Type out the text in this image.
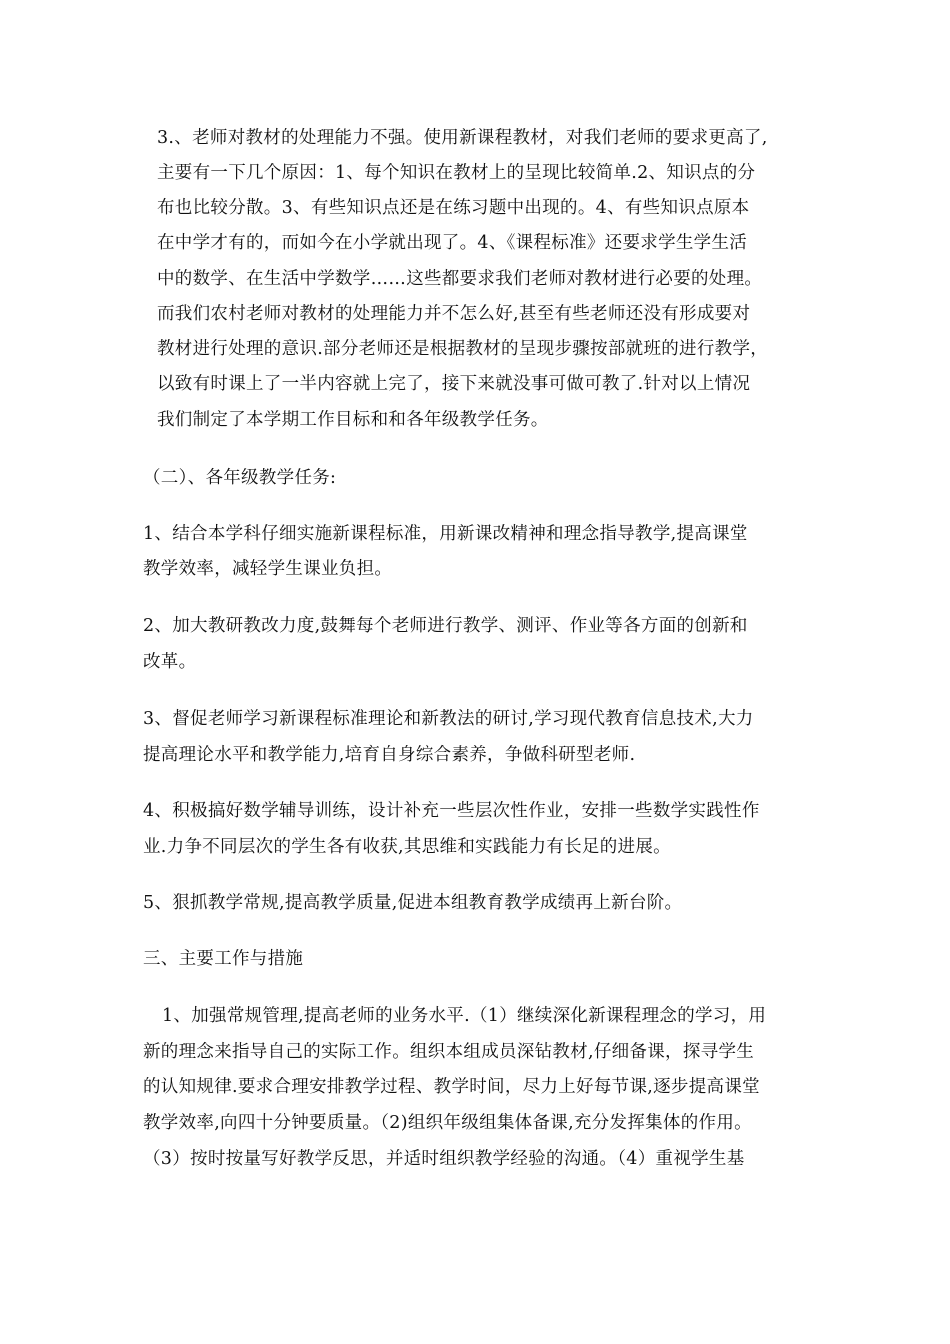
3.、老师对教材的处理能力不强。使用新课程教材，对我们老师的要求更高了,
主要有一下几个原因：1、每个知识在教材上的呈现比较简单.2、知识点的分
布也比较分散。3、有些知识点还是在练习题中出现的。4、有些知识点原本
在中学才有的，而如今在小学就出现了。4、《课程标准》还要求学生学生活
中的数学、在生活中学数学……这些都要求我们老师对教材进行必要的处理。
而我们农村老师对教材的处理能力并不怎么好,甚至有些老师还没有形成要对
教材进行处理的意识.部分老师还是根据教材的呈现步骤按部就班的进行教学，
以致有时课上了一半内容就上完了，接下来就没事可做可教了.针对以上情况
我们制定了本学期工作目标和和各年级教学任务。
（二）、各年级教学任务:
1、结合本学科仔细实施新课程标准，用新课改精神和理念指导教学,提高课堂
教学效率，减轻学生课业负担。
2、加大教研教改力度,鼓舞每个老师进行教学、测评、作业等各方面的创新和
改革。
3、督促老师学习新课程标准理论和新教法的研讨,学习现代教育信息技术,大力
提高理论水平和教学能力,培育自身综合素养，争做科研型老师.
4、积极搞好数学辅导训练，设计补充一些层次性作业，安排一些数学实践性作
业.力争不同层次的学生各有收获,其思维和实践能力有长足的进展。
5、狠抓教学常规,提高教学质量,促进本组教育教学成绩再上新台阶。
三、主要工作与措施
1、加强常规管理,提高老师的业务水平.（1）继续深化新课程理念的学习，用
新的理念来指导自己的实际工作。组织本组成员深钻教材,仔细备课，探寻学生
的认知规律.要求合理安排教学过程、教学时间，尽力上好每节课,逐步提高课堂
教学效率,向四十分钟要质量。（2)组织年级组集体备课,充分发挥集体的作用。
（3）按时按量写好教学反思，并适时组织教学经验的沟通。（4）重视学生基
